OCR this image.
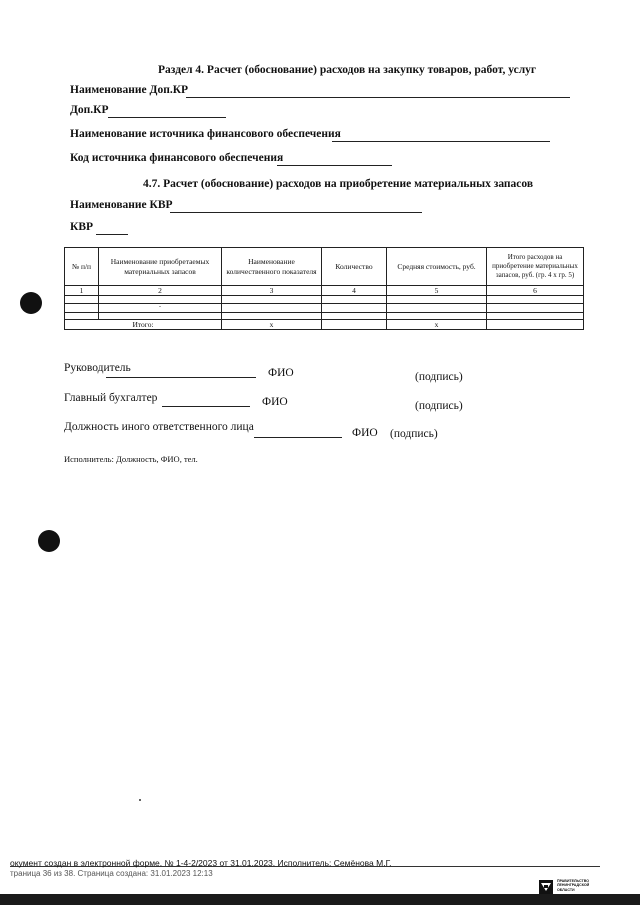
Раздел 4. Расчет (обоснование) расходов на закупку товаров, работ, услуг
Наименование Доп.КР
Доп.КР
Наименование источника финансового обеспечения
Код источника финансового обеспечения
4.7. Расчет (обоснование) расходов на приобретение материальных запасов
Наименование КВР
КВР
№ п/п	Наименование приобретаемых материальных запасов	Наименование количественного показателя	Количество	Средняя стоимость, руб.	Итого расходов на приобретение материальных запасов, руб. (гр. 4 х гр. 5)
1	2	3	4	5	6

	-				

Итого:		x		x	
Руководитель	ФИО	(подпись)
Главный бухгалтер	ФИО	(подпись)
Должность иного ответственного лица	ФИО (подпись)
Исполнитель: Должность, ФИО, тел.
окумент создан в электронной форме. № 1-4-2/2023 от 31.01.2023. Исполнитель: Семёнова М.Г.
траница 36 из 38. Страница создана: 31.01.2023 12:13
ПРАВИТЕЛЬСТВО
ЛЕНИНГРАДСКОЙ
ОБЛАСТИ
